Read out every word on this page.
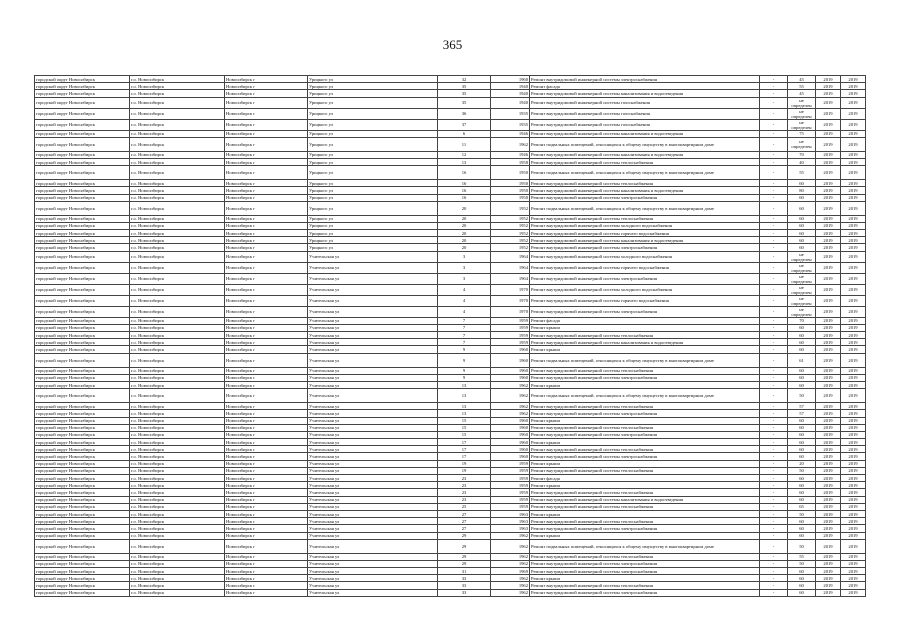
365
городской округ Новосибирск	г.о. Новосибирск	Новосибирск г	Урицкого ул	32	1960	Ремонт внутридомовой инженерной системы электроснабжения	-	45	2019	2019
городской округ Новосибирск	г.о. Новосибирск	Новосибирск г	Урицкого ул	35	1940	Ремонт фасада	-	55	2019	2019
городской округ Новосибирск	г.о. Новосибирск	Новосибирск г	Урицкого ул	35	1940	Ремонт внутридомовой инженерной системы канализования и водоотведения	-	45	2019	2019
городской округ Новосибирск	г.о. Новосибирск	Новосибирск г	Урицкого ул	35	1940	Ремонт внутридомовой инженерной системы газоснабжения	-	не определен	2019	2019
городской округ Новосибирск	г.о. Новосибирск	Новосибирск г	Урицкого ул	36	1935	Ремонт внутридомовой инженерной системы газоснабжения	-	не определен	2019	2019
городской округ Новосибирск	г.о. Новосибирск	Новосибирск г	Урицкого ул	37	1935	Ремонт внутридомовой инженерной системы газоснабжения	-	не определен	2019	2019
городской округ Новосибирск	г.о. Новосибирск	Новосибирск г	Урицкого ул	6	1946	Ремонт внутридомовой инженерной системы канализования и водоотведения	-	75	2019	2019
городской округ Новосибирск	г.о. Новосибирск	Новосибирск г	Урицкого ул	11	1962	Ремонт подвальных помещений, относящихся к общему имуществу в многоквартирном доме	-	не определен	2019	2019
городской округ Новосибирск	г.о. Новосибирск	Новосибирск г	Урицкого ул	12	1946	Ремонт внутридомовой инженерной системы канализования и водоотведения	-	70	2019	2019
городской округ Новосибирск	г.о. Новосибирск	Новосибирск г	Урицкого ул	13	1958	Ремонт внутридомовой инженерной системы теплоснабжения	-	40	2019	2019
городской округ Новосибирск	г.о. Новосибирск	Новосибирск г	Урицкого ул	16	1950	Ремонт подвальных помещений, относящихся к общему имуществу в многоквартирном доме	-	55	2019	2019
городской округ Новосибирск	г.о. Новосибирск	Новосибирск г	Урицкого ул	16	1950	Ремонт внутридомовой инженерной системы теплоснабжения	-	60	2019	2019
городской округ Новосибирск	г.о. Новосибирск	Новосибирск г	Урицкого ул	16	1950	Ремонт внутридомовой инженерной системы канализования и водоотведения	-	80	2019	2019
городской округ Новосибирск	г.о. Новосибирск	Новосибирск г	Урицкого ул	16	1950	Ремонт внутридомовой инженерной системы электроснабжения	-	60	2019	2019
городской округ Новосибирск	г.о. Новосибирск	Новосибирск г	Урицкого ул	20	1952	Ремонт подвальных помещений, относящихся к общему имуществу в многоквартирном доме	-	60	2019	2019
городской округ Новосибирск	г.о. Новосибирск	Новосибирск г	Урицкого ул	20	1952	Ремонт внутридомовой инженерной системы теплоснабжения	-	60	2019	2019
городской округ Новосибирск	г.о. Новосибирск	Новосибирск г	Урицкого ул	20	1952	Ремонт внутридомовой инженерной системы холодного водоснабжения	-	60	2019	2019
городской округ Новосибирск	г.о. Новосибирск	Новосибирск г	Урицкого ул	20	1952	Ремонт внутридомовой инженерной системы горячего водоснабжения	-	60	2019	2019
городской округ Новосибирск	г.о. Новосибирск	Новосибирск г	Урицкого ул	20	1952	Ремонт внутридомовой инженерной системы канализования и водоотведения	-	60	2019	2019
городской округ Новосибирск	г.о. Новосибирск	Новосибирск г	Урицкого ул	20	1952	Ремонт внутридомовой инженерной системы электроснабжения	-	60	2019	2019
городской округ Новосибирск	г.о. Новосибирск	Новосибирск г	Учительская ул	3	1964	Ремонт внутридомовой инженерной системы холодного водоснабжения	-	не определен	2019	2019
городской округ Новосибирск	г.о. Новосибирск	Новосибирск г	Учительская ул	3	1964	Ремонт внутридомовой инженерной системы горячего водоснабжения	-	не определен	2019	2019
городской округ Новосибирск	г.о. Новосибирск	Новосибирск г	Учительская ул	3	1964	Ремонт внутридомовой инженерной системы электроснабжения	-	не определен	2019	2019
городской округ Новосибирск	г.о. Новосибирск	Новосибирск г	Учительская ул	4	1970	Ремонт внутридомовой инженерной системы холодного водоснабжения	-	не определен	2019	2019
городской округ Новосибирск	г.о. Новосибирск	Новосибирск г	Учительская ул	4	1970	Ремонт внутридомовой инженерной системы горячего водоснабжения	-	не определен	2019	2019
городской округ Новосибирск	г.о. Новосибирск	Новосибирск г	Учительская ул	4	1970	Ремонт внутридомовой инженерной системы электроснабжения	-	не определен	2019	2019
городской округ Новосибирск	г.о. Новосибирск	Новосибирск г	Учительская ул	7	1959	Ремонт фасада	-	70	2019	2019
городской округ Новосибирск	г.о. Новосибирск	Новосибирск г	Учительская ул	7	1959	Ремонт крыши	-	60	2019	2019
городской округ Новосибирск	г.о. Новосибирск	Новосибирск г	Учительская ул	7	1959	Ремонт внутридомовой инженерной системы теплоснабжения	-	60	2019	2019
городской округ Новосибирск	г.о. Новосибирск	Новосибирск г	Учительская ул	7	1959	Ремонт внутридомовой инженерной системы канализования и водоотведения	-	60	2019	2019
городской округ Новосибирск	г.о. Новосибирск	Новосибирск г	Учительская ул	9	1960	Ремонт крыши	-	60	2019	2019
городской округ Новосибирск	г.о. Новосибирск	Новосибирск г	Учительская ул	9	1960	Ремонт подвальных помещений, относящихся к общему имуществу в многоквартирном доме	-	61	2019	2019
городской округ Новосибирск	г.о. Новосибирск	Новосибирск г	Учительская ул	9	1960	Ремонт внутридомовой инженерной системы теплоснабжения	-	60	2019	2019
городской округ Новосибирск	г.о. Новосибирск	Новосибирск г	Учительская ул	9	1960	Ремонт внутридомовой инженерной системы электроснабжения	-	60	2019	2019
городской округ Новосибирск	г.о. Новосибирск	Новосибирск г	Учительская ул	13	1962	Ремонт крыши	-	60	2019	2019
городской округ Новосибирск	г.о. Новосибирск	Новосибирск г	Учительская ул	13	1962	Ремонт подвальных помещений, относящихся к общему имуществу в многоквартирном доме	-	50	2019	2019
городской округ Новосибирск	г.о. Новосибирск	Новосибирск г	Учительская ул	13	1962	Ремонт внутридомовой инженерной системы теплоснабжения	-	57	2019	2019
городской округ Новосибирск	г.о. Новосибирск	Новосибирск г	Учительская ул	13	1962	Ремонт внутридомовой инженерной системы электроснабжения	-	57	2019	2019
городской округ Новосибирск	г.о. Новосибирск	Новосибирск г	Учительская ул	15	1960	Ремонт крыши	-	60	2019	2019
городской округ Новосибирск	г.о. Новосибирск	Новосибирск г	Учительская ул	15	1960	Ремонт внутридомовой инженерной системы теплоснабжения	-	60	2019	2019
городской округ Новосибирск	г.о. Новосибирск	Новосибирск г	Учительская ул	15	1960	Ремонт внутридомовой инженерной системы электроснабжения	-	60	2019	2019
городской округ Новосибирск	г.о. Новосибирск	Новосибирск г	Учительская ул	17	1960	Ремонт крыши	-	60	2019	2019
городской округ Новосибирск	г.о. Новосибирск	Новосибирск г	Учительская ул	17	1960	Ремонт внутридомовой инженерной системы теплоснабжения	-	60	2019	2019
городской округ Новосибирск	г.о. Новосибирск	Новосибирск г	Учительская ул	17	1960	Ремонт внутридомовой инженерной системы электроснабжения	-	60	2019	2019
городской округ Новосибирск	г.о. Новосибирск	Новосибирск г	Учительская ул	19	1959	Ремонт крыши	-	20	2019	2019
городской округ Новосибирск	г.о. Новосибирск	Новосибирск г	Учительская ул	19	1959	Ремонт внутридомовой инженерной системы теплоснабжения	-	50	2019	2019
городской округ Новосибирск	г.о. Новосибирск	Новосибирск г	Учительская ул	23	1959	Ремонт фасада	-	60	2019	2019
городской округ Новосибирск	г.о. Новосибирск	Новосибирск г	Учительская ул	23	1959	Ремонт крыши	-	60	2019	2019
городской округ Новосибирск	г.о. Новосибирск	Новосибирск г	Учительская ул	23	1959	Ремонт внутридомовой инженерной системы теплоснабжения	-	60	2019	2019
городской округ Новосибирск	г.о. Новосибирск	Новосибирск г	Учительская ул	23	1959	Ремонт внутридомовой инженерной системы канализования и водоотведения	-	60	2019	2019
городской округ Новосибирск	г.о. Новосибирск	Новосибирск г	Учительская ул	25	1959	Ремонт внутридомовой инженерной системы теплоснабжения	-	65	2019	2019
городской округ Новосибирск	г.о. Новосибирск	Новосибирск г	Учительская ул	27	1963	Ремонт крыши	-	50	2019	2019
городской округ Новосибирск	г.о. Новосибирск	Новосибирск г	Учительская ул	27	1963	Ремонт внутридомовой инженерной системы теплоснабжения	-	60	2019	2019
городской округ Новосибирск	г.о. Новосибирск	Новосибирск г	Учительская ул	27	1963	Ремонт внутридомовой инженерной системы электроснабжения	-	60	2019	2019
городской округ Новосибирск	г.о. Новосибирск	Новосибирск г	Учительская ул	29	1962	Ремонт крыши	-	60	2019	2019
городской округ Новосибирск	г.о. Новосибирск	Новосибирск г	Учительская ул	29	1962	Ремонт подвальных помещений, относящихся к общему имуществу в многоквартирном доме	-	50	2019	2019
городской округ Новосибирск	г.о. Новосибирск	Новосибирск г	Учительская ул	29	1962	Ремонт внутридомовой инженерной системы теплоснабжения	-	55	2019	2019
городской округ Новосибирск	г.о. Новосибирск	Новосибирск г	Учительская ул	29	1962	Ремонт внутридомовой инженерной системы электроснабжения	-	50	2019	2019
городской округ Новосибирск	г.о. Новосибирск	Новосибирск г	Учительская ул	31	1969	Ремонт внутридомовой инженерной системы электроснабжения	-	60	2019	2019
городской округ Новосибирск	г.о. Новосибирск	Новосибирск г	Учительская ул	33	1962	Ремонт крыши	-	60	2019	2019
городской округ Новосибирск	г.о. Новосибирск	Новосибирск г	Учительская ул	33	1962	Ремонт внутридомовой инженерной системы теплоснабжения	-	60	2019	2019
городской округ Новосибирск	г.о. Новосибирск	Новосибирск г	Учительская ул	33	1962	Ремонт внутридомовой инженерной системы электроснабжения	-	60	2019	2019
